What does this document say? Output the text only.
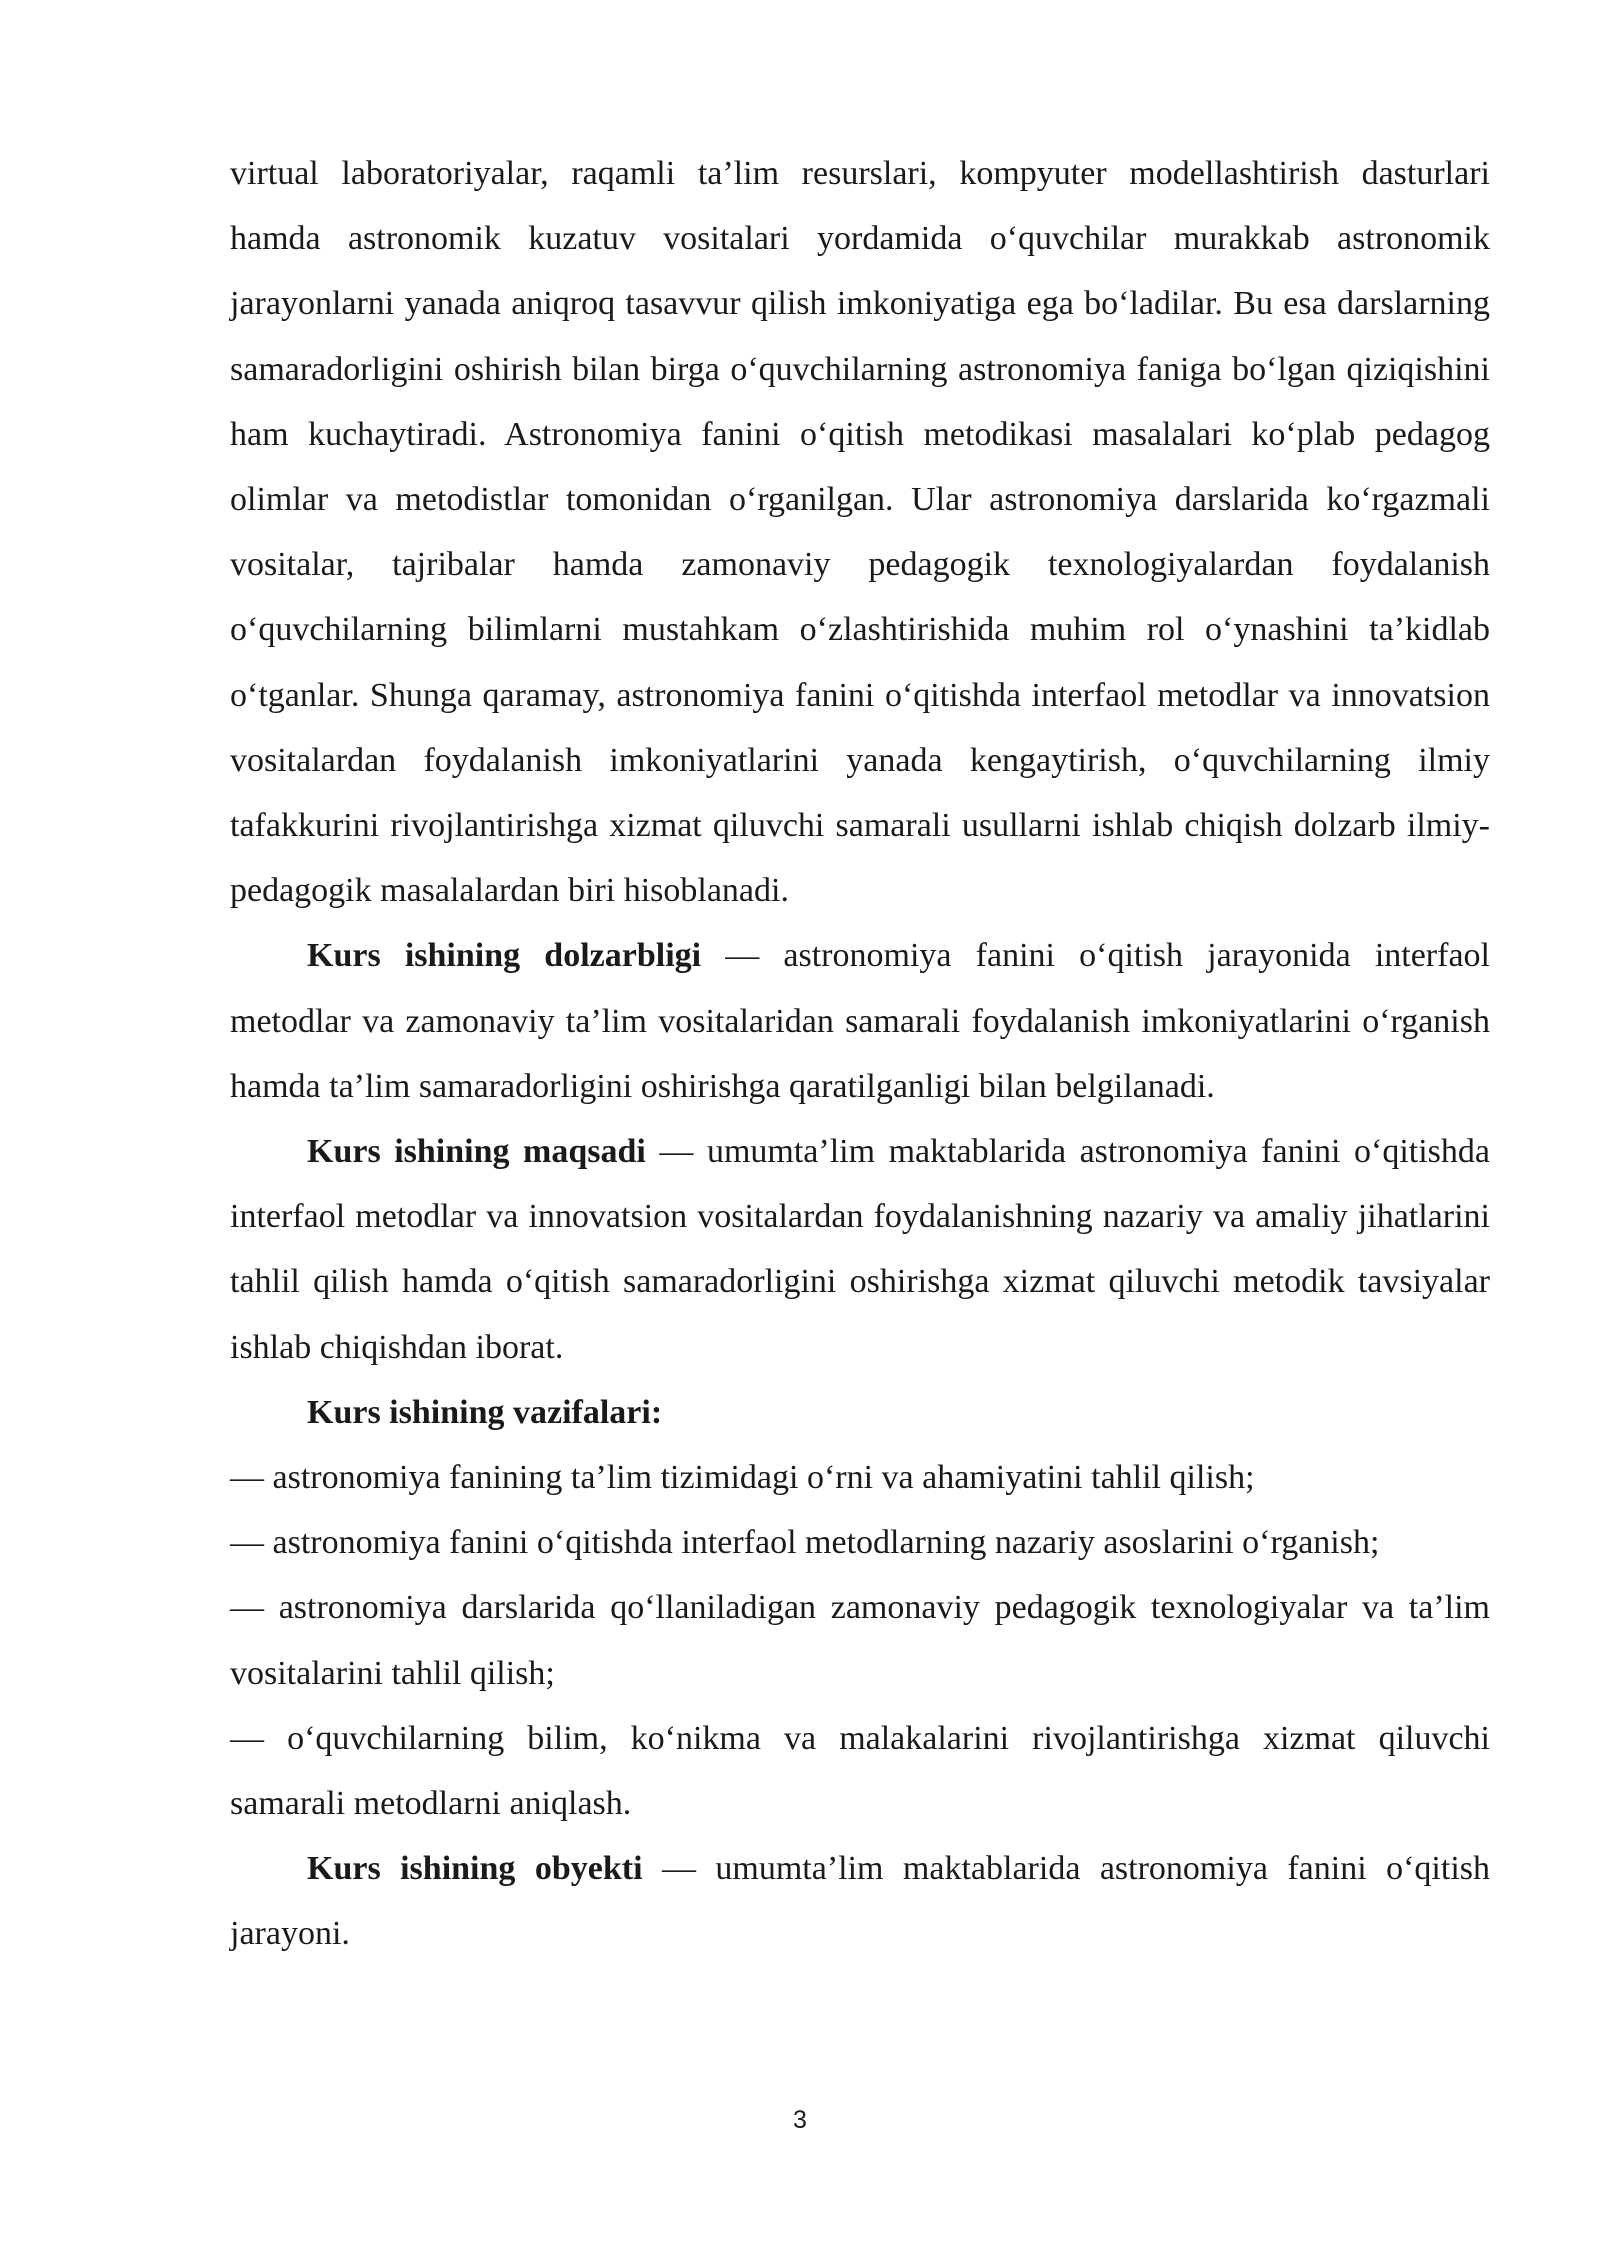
virtual laboratoriyalar, raqamli ta’lim resurslari, kompyuter modellashtirish dasturlari hamda astronomik kuzatuv vositalari yordamida o‘quvchilar murakkab astronomik jarayonlarni yanada aniqroq tasavvur qilish imkoniyatiga ega bo‘ladilar. Bu esa darslarning samaradorligini oshirish bilan birga o‘quvchilarning astronomiya faniga bo‘lgan qiziqishini ham kuchaytiradi. Astronomiya fanini o‘qitish metodikasi masalalari ko‘plab pedagog olimlar va metodistlar tomonidan o‘rganilgan. Ular astronomiya darslarida ko‘rgazmali vositalar, tajribalar hamda zamonaviy pedagogik texnologiyalardan foydalanish o‘quvchilarning bilimlarni mustahkam o‘zlashtirishida muhim rol o‘ynashini ta’kidlab o‘tganlar. Shunga qaramay, astronomiya fanini o‘qitishda interfaol metodlar va innovatsion vositalardan foydalanish imkoniyatlarini yanada kengaytirish, o‘quvchilarning ilmiy tafakkurini rivojlantirishga xizmat qiluvchi samarali usullarni ishlab chiqish dolzarb ilmiy-pedagogik masalalardan biri hisoblanadi.

Kurs ishining dolzarbligi — astronomiya fanini o‘qitish jarayonida interfaol metodlar va zamonaviy ta’lim vositalaridan samarali foydalanish imkoniyatlarini o‘rganish hamda ta’lim samaradorligini oshirishga qaratilganligi bilan belgilanadi.

Kurs ishining maqsadi — umumta’lim maktablarida astronomiya fanini o‘qitishda interfaol metodlar va innovatsion vositalardan foydalanishning nazariy va amaliy jihatlarini tahlil qilish hamda o‘qitish samaradorligini oshirishga xizmat qiluvchi metodik tavsiyalar ishlab chiqishdan iborat.

Kurs ishining vazifalari:

— astronomiya fanining ta’lim tizimidagi o‘rni va ahamiyatini tahlil qilish;

— astronomiya fanini o‘qitishda interfaol metodlarning nazariy asoslarini o‘rganish;

— astronomiya darslarida qo‘llaniladigan zamonaviy pedagogik texnologiyalar va ta’lim vositalarini tahlil qilish;

— o‘quvchilarning bilim, ko‘nikma va malakalarini rivojlantirishga xizmat qiluvchi samarali metodlarni aniqlash.

Kurs ishining obyekti — umumta’lim maktablarida astronomiya fanini o‘qitish jarayoni.

3
